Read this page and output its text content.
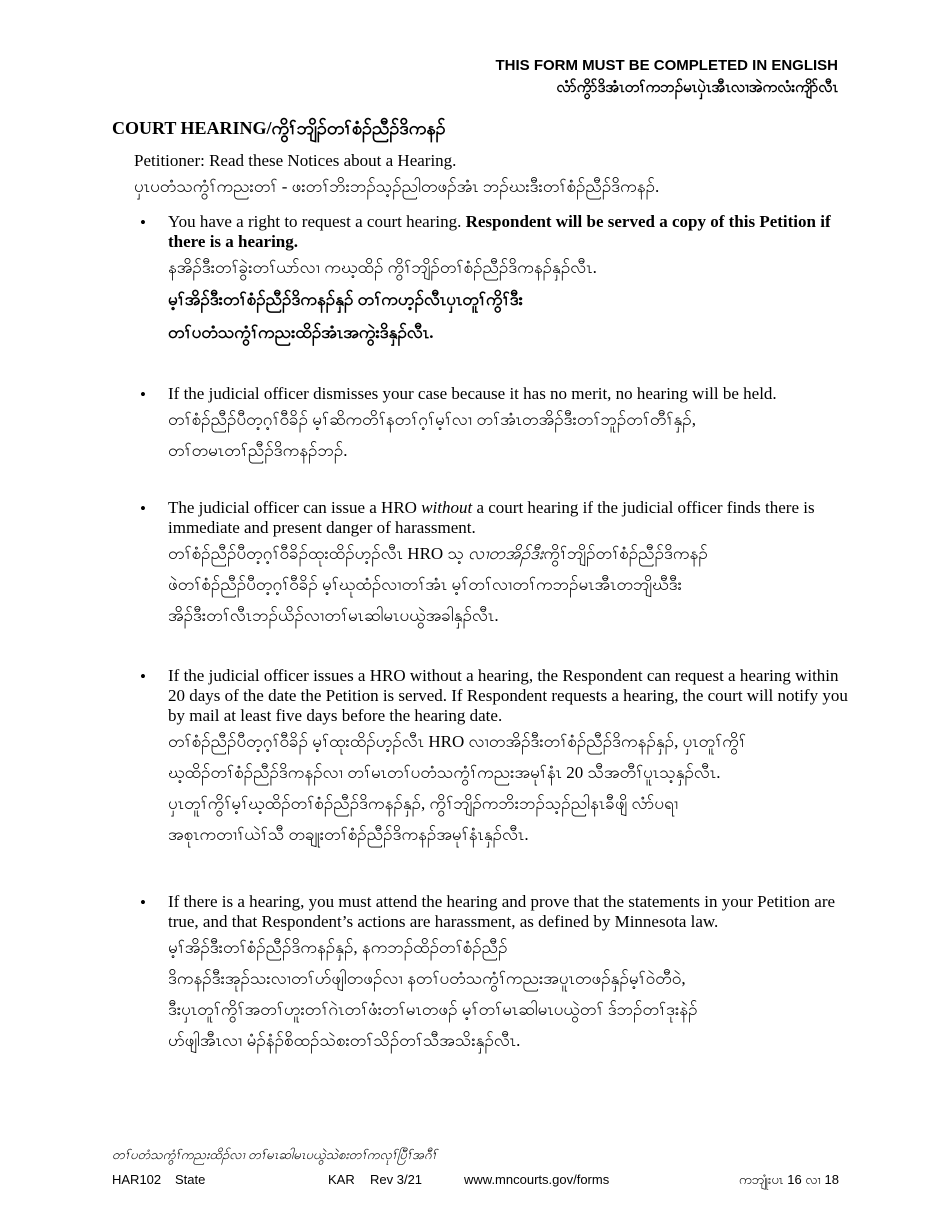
THIS FORM MUST BE COMPLETED IN ENGLISH
လံာ်ကွိာ်ဒိအံၤတၢ်ကဘၣ်မၤပှဲၤအီၤလၢအဲကလံးကျိာ်လီၤ
COURT HEARING/ကွိၢ်ဘျိၣ်တၢ်စံၣ်ညီၣ်ဒိကနၣ်
Petitioner: Read these Notices about a Hearing.
ပှၤပတံသကွံၢ်ကညးတၢ် - ဖးတၢ်ဘိးဘၣ်သ့ၣ်ညါတဖၣ်အံၤ ဘၣ်ဃးဒီးတၢ်စံၣ်ညီၣ်ဒိကနၣ်.
• You have a right to request a court hearing. Respondent will be served a copy of this Petition if there is a hearing.
နအိၣ်ဒီးတၢ်ခွဲးတၢ်ယာ်လၢ ကဃ့ထိၣ် ကွိၢ်ဘျိၣ်တၢ်စံၣ်ညီၣ်ဒိကနၣ်နှၣ်လီၤ.
မ့ၢ်အိၣ်ဒီးတၢ်စံၣ်ညီၣ်ဒိကနၣ်နှၣ် တၢ်ကဟ့ၣ်လီၤပှၤတူၢ်ကွိၢ်ဒီး
တၢ်ပတံသကွံၢ်ကညးထိၣ်အံၤအကွဲးဒိနှၣ်လီၤ.
• If the judicial officer dismisses your case because it has no merit, no hearing will be held.
တၢ်စံၣ်ညီၣ်ပီတ့ဂ့ၢ်ဝီခိၣ် မ့ၢ်ဆိကတိၢ်နတၢ်ဂ့ၢ်မ့ၢ်လၢ တၢ်အံၤတအိၣ်ဒီးတၢ်ဘူၣ်တၢ်တီၢ်နှၣ်,
တၢ်တမၤတၢ်ညီၣ်ဒိကနၣ်ဘၣ်.
• The judicial officer can issue a HRO without a court hearing if the judicial officer finds there is immediate and present danger of harassment.
တၢ်စံၣ်ညီၣ်ပီတ့ဂ့ၢ်ဝီခိၣ်ထုးထိၣ်ဟ့ၣ်လီၤ HRO သ့ လၢတအိၣ်ဒီးကွိၢ်ဘျိၣ်တၢ်စံၣ်ညီၣ်ဒိကနၣ်
ဖဲတၢ်စံၣ်ညီၣ်ပီတ့ဂ့ၢ်ဝီခိၣ် မ့ၢ်ဃုထံၣ်လၢတၢ်အံၤ မ့ၢ်တၢ်လၢတၢ်ကဘၣ်မၤအီၤတဘျိဃီဒီး
အိၣ်ဒီးတၢ်လီၤဘၣ်ယိၣ်လၢတၢ်မၤဆါမၤပယွဲအခါနှၣ်လီၤ.
• If the judicial officer issues a HRO without a hearing, the Respondent can request a hearing within 20 days of the date the Petition is served. If Respondent requests a hearing, the court will notify you by mail at least five days before the hearing date.
တၢ်စံၣ်ညီၣ်ပီတ့ဂ့ၢ်ဝီခိၣ် မ့ၢ်ထုးထိၣ်ဟ့ၣ်လီၤ HRO လၢတအိၣ်ဒီးတၢ်စံၣ်ညီၣ်ဒိကနၣ်နှၣ်, ပှၤတူၢ်ကွိၢ်
ဃ့ထိၣ်တၢ်စံၣ်ညီၣ်ဒိကနၣ်လၢ တၢ်မၤတၢ်ပတံသကွံၢ်ကညးအမုၢ်နံၤ 20 သီအတီၢ်ပူၤသ့နှၣ်လီၤ.
ပှၤတူၢ်ကွိၢ်မ့ၢ်ဃ့ထိၣ်တၢ်စံၣ်ညီၣ်ဒိကနၣ်နှၣ်, ကွိၢ်ဘျိၣ်ကဘိးဘၣ်သ့ၣ်ညါနၤခီဖျိ လံာ်ပရၢ
အစုၤကတၢၢ်ယဲၢ်သီ တချုးတၢ်စံၣ်ညီၣ်ဒိကနၣ်အမုၢ်နံၤနှၣ်လီၤ.
• If there is a hearing, you must attend the hearing and prove that the statements in your Petition are true, and that Respondent’s actions are harassment, as defined by Minnesota law.
မ့ၢ်အိၣ်ဒီးတၢ်စံၣ်ညီၣ်ဒိကနၣ်နှၣ်, နကဘၣ်ထိၣ်တၢ်စံၣ်ညီၣ်
ဒိကနၣ်ဒီးအုၣ်သးလၢတၢ်ဟ်ဖျါတဖၣ်လၢ နတၢ်ပတံသကွံၢ်ကညးအပူၤတဖၣ်နှၣ်မ့ၢ်ဝဲတီဝဲ,
ဒီးပှၤတူၢ်ကွိၢ်အတၢ်ဟူးတၢ်ဂဲၤတၢ်ဖံးတၢ်မၤတဖၣ် မ့ၢ်တၢ်မၤဆါမၤပယွဲတၢ် ဒ်ဘၣ်တၢ်ဒုးနဲၣ်
ဟ်ဖျါအီၤလၢ မံၣ်နံၣ်စိထၣ်သဲစးတၢ်သိၣ်တၢ်သီအသိးနှၣ်လီၤ.
တၢ်ပတံသကွံၢ်ကညးထိၣ်လၢ တၢ်မၤဆါမၤပယွဲသဲစးတၢ်ကလုၢ်ပြီၢ်အဂီၢ်
HAR102 State	KAR Rev 3/21	www.mncourts.gov/forms	ကဘျုံးပၤ 16 လၢ 18
